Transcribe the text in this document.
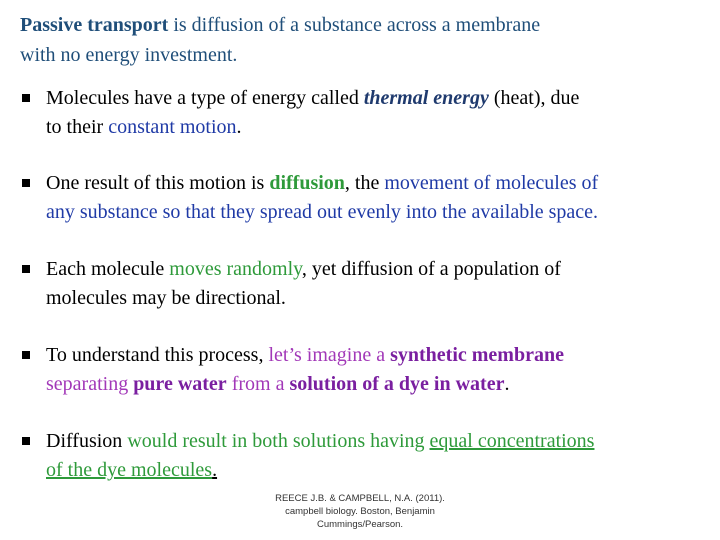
Passive transport is diffusion of a substance across a membrane
with no energy investment.
Molecules have a type of energy called thermal energy (heat), due
to their constant motion.
One result of this motion is diffusion, the movement of molecules of
any substance so that they spread out evenly into the available space.
Each molecule moves randomly, yet diffusion of a population of
molecules may be directional.
To understand this process, let’s imagine a synthetic membrane
separating pure water from a solution of a dye in water.
Diffusion would result in both solutions having equal concentrations
of the dye molecules.
REECE J.B. & CAMPBELL, N.A. (2011).
campbell biology. Boston, Benjamin
Cummings/Pearson.
